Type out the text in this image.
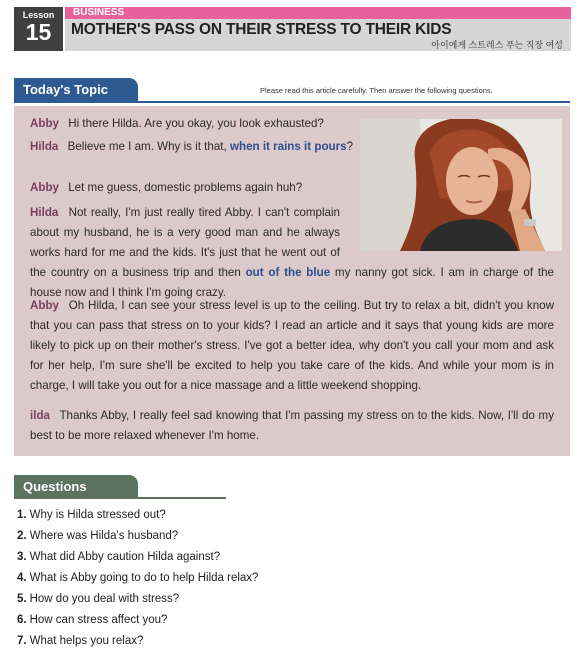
Lesson
15
BUSINESS
MOTHER'S PASS ON THEIR STRESS TO THEIR KIDS
아이에게 스트레스 푸는 직장 여성
Today's Topic	Please read this article carefully. Then answer the following questions.
Abby Hi there Hilda. Are you okay, you look exhausted?
Hilda Believe me I am. Why is it that, when it rains it pours?
Abby Let me guess, domestic problems again huh?
Hilda Not really, I'm just really tired Abby. I can't complain about my husband, he is a very good man and he always works hard for me and the kids. It's just that he went out of the country on a business trip and then out of the blue my nanny got sick. I am in charge of the house now and I think I'm going crazy.
Abby Oh Hilda, I can see your stress level is up to the ceiling. But try to relax a bit, didn't you know that you can pass that stress on to your kids? I read an article and it says that young kids are more likely to pick up on their mother's stress. I've got a better idea, why don't you call your mom and ask for her help, I'm sure she'll be excited to help you take care of the kids. And while your mom is in charge, I will take you out for a nice massage and a little weekend shopping.
ilda Thanks Abby, I really feel sad knowing that I'm passing my stress on to the kids. Now, I'll do my best to be more relaxed whenever I'm home.
Questions
1. Why is Hilda stressed out?
2. Where was Hilda's husband?
3. What did Abby caution Hilda against?
4. What is Abby going to do to help Hilda relax?
5. How do you deal with stress?
6. How can stress affect you?
7. What helps you relax?
